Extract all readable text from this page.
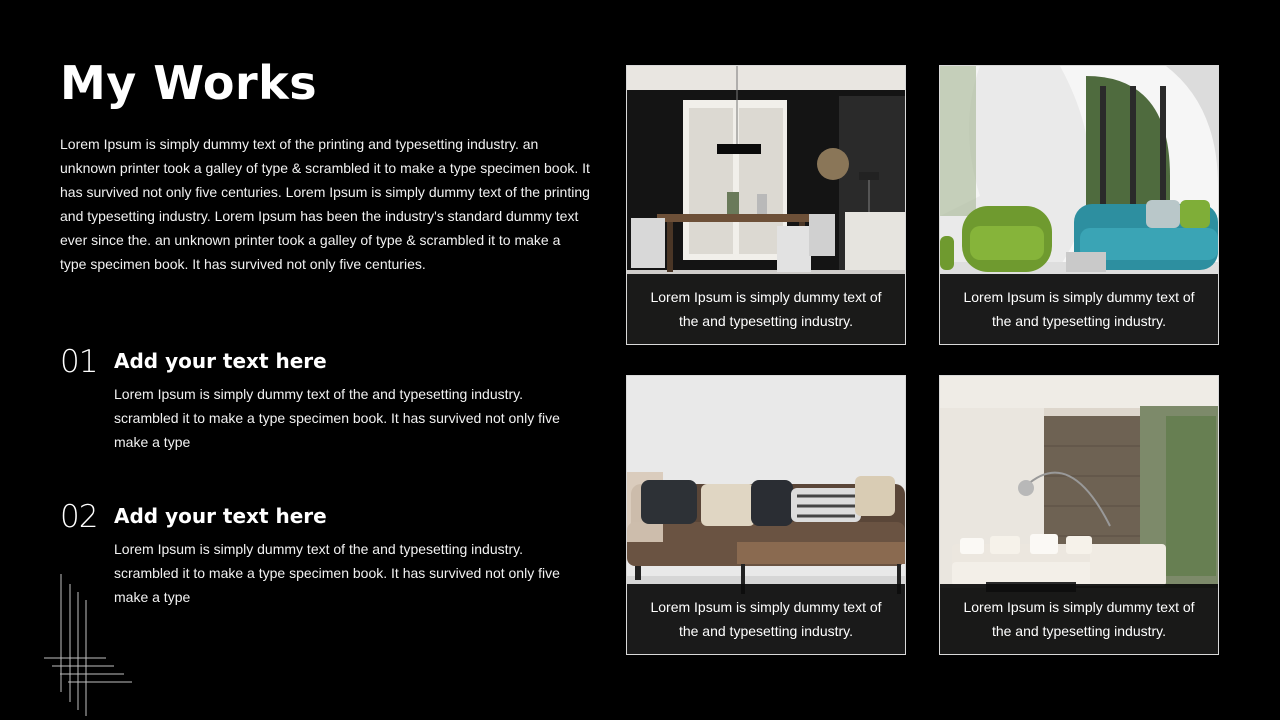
My Works
Lorem Ipsum is simply dummy text of the printing and typesetting industry. an unknown printer took a galley of type & scrambled it to make a type specimen book. It has survived not only five centuries. Lorem Ipsum is simply dummy text of the printing and typesetting industry. Lorem Ipsum has been the industry's standard dummy text ever since the. an unknown printer took a galley of type & scrambled it to make a type specimen book. It has survived not only five centuries.
01 Add your text here
Lorem Ipsum is simply dummy text of the and typesetting industry. scrambled it to make a type specimen book. It has survived not only five make a type
02 Add your text here
Lorem Ipsum is simply dummy text of the and typesetting industry. scrambled it to make a type specimen book. It has survived not only five make a type
Lorem Ipsum is simply dummy text of the and typesetting industry.
Lorem Ipsum is simply dummy text of the and typesetting industry.
Lorem Ipsum is simply dummy text of the and typesetting industry.
Lorem Ipsum is simply dummy text of the and typesetting industry.
